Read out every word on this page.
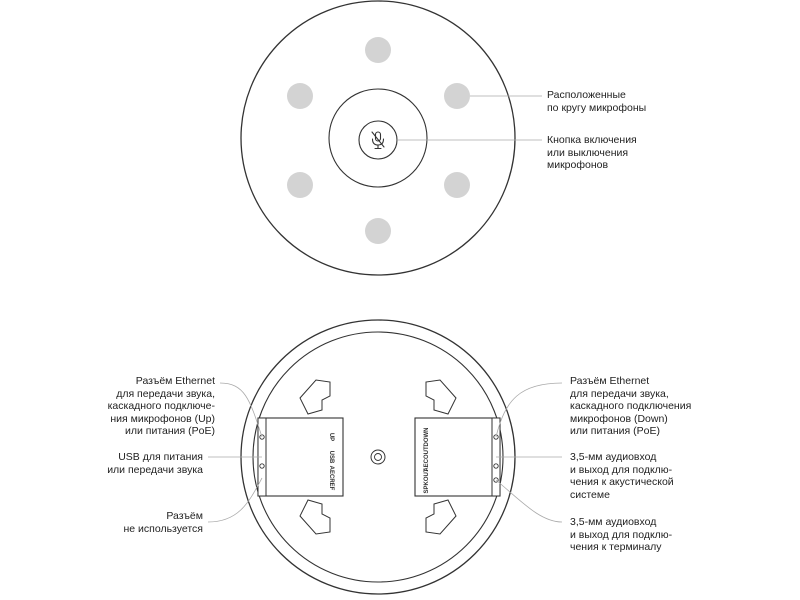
UP
USB
AECREF
DOWN
AECOUT
SPKOUT
Расположенные
по кругу микрофоны
Кнопка включения
или выключения
микрофонов
Разъём Ethernet
для передачи звука,
каскадного подключе-
ния микрофонов (Up)
или питания (PoE)
USB для питания
или передачи звука
Разъём
не используется
Разъём Ethernet
для передачи звука,
каскадного подключения
микрофонов (Down)
или питания (PoE)
3,5-мм аудиовход
и выход для подклю-
чения к акустической
системе
3,5-мм аудиовход
и выход для подклю-
чения к терминалу
